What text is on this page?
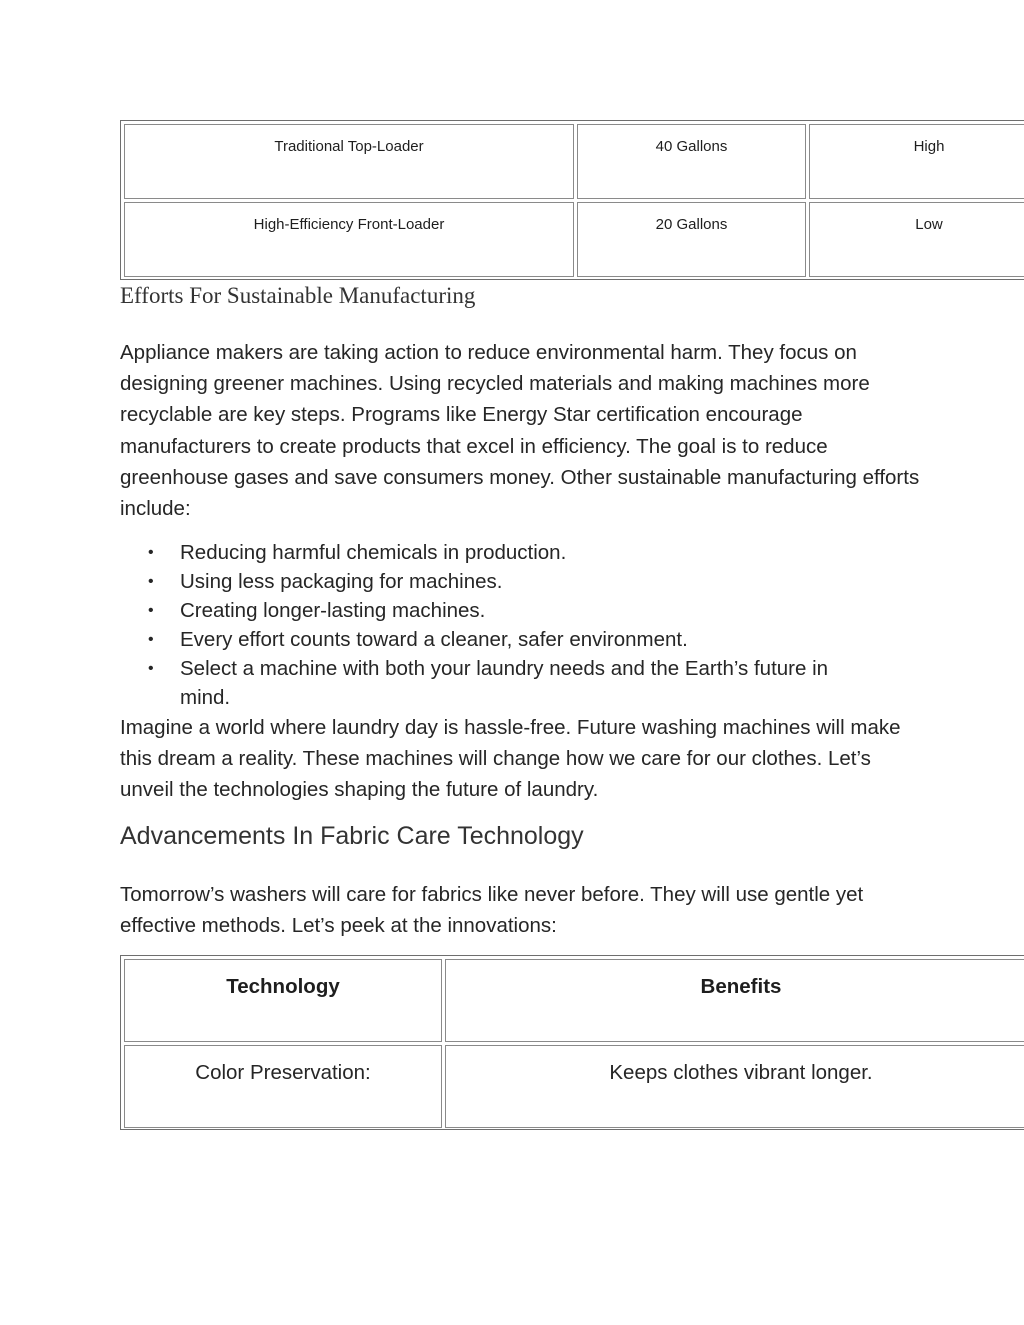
Traditional Top-Loader	40 Gallons	High
High-Efficiency Front-Loader	20 Gallons	Low
Efforts For Sustainable Manufacturing
Appliance makers are taking action to reduce environmental harm. They focus on designing greener machines. Using recycled materials and making machines more recyclable are key steps. Programs like Energy Star certification encourage manufacturers to create products that excel in efficiency. The goal is to reduce greenhouse gases and save consumers money. Other sustainable manufacturing efforts include:
• Reducing harmful chemicals in production.
• Using less packaging for machines.
• Creating longer-lasting machines.
• Every effort counts toward a cleaner, safer environment.
• Select a machine with both your laundry needs and the Earth’s future in mind.
Imagine a world where laundry day is hassle-free. Future washing machines will make this dream a reality. These machines will change how we care for our clothes. Let’s unveil the technologies shaping the future of laundry.
Advancements In Fabric Care Technology
Tomorrow’s washers will care for fabrics like never before. They will use gentle yet effective methods. Let’s peek at the innovations:
Technology	Benefits
Color Preservation:	Keeps clothes vibrant longer.
